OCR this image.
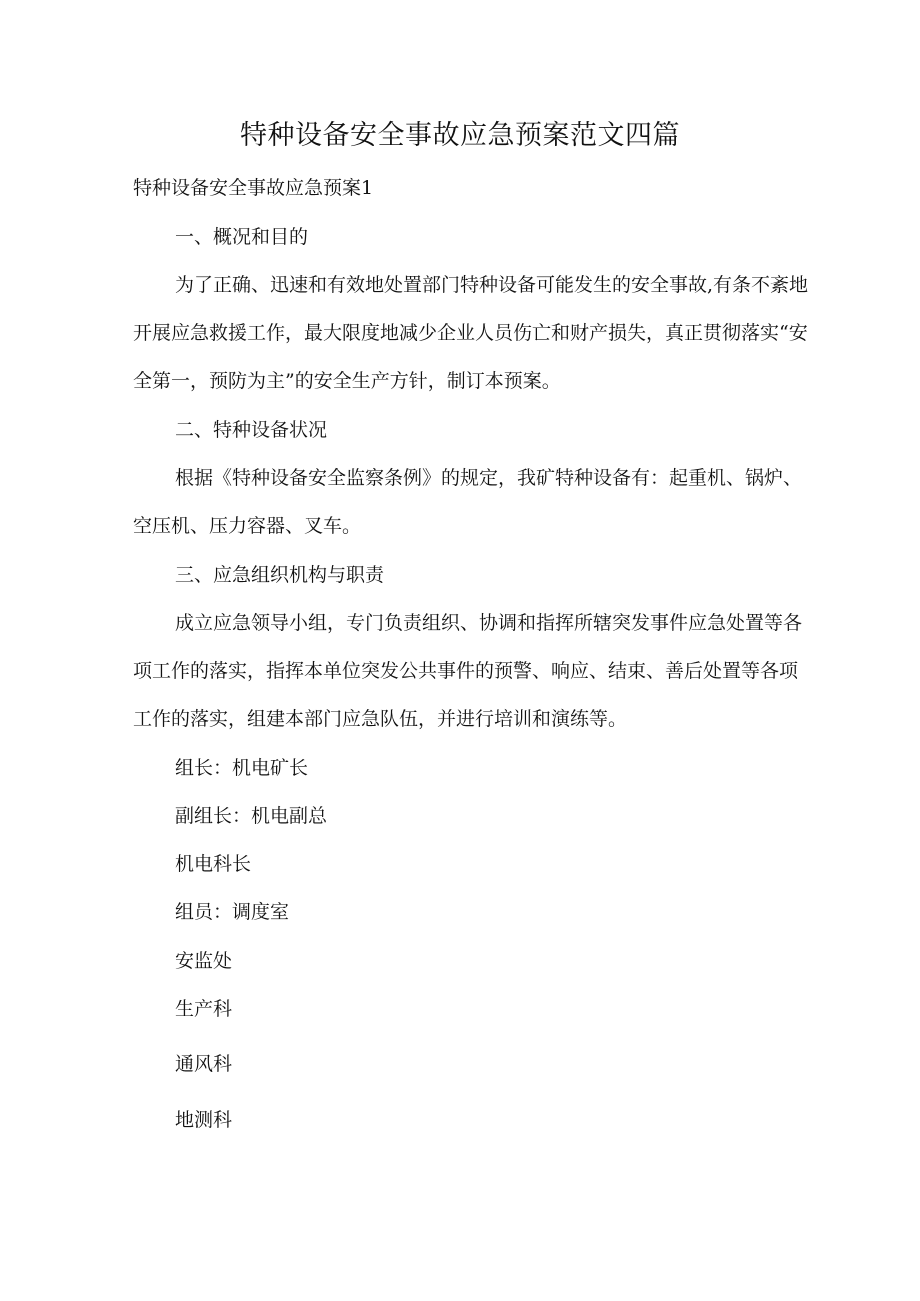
特种设备安全事故应急预案范文四篇
特种设备安全事故应急预案1
一、概况和目的
为了正确、迅速和有效地处置部门特种设备可能发生的安全事故,有条不紊地
开展应急救援工作，最大限度地减少企业人员伤亡和财产损失，真正贯彻落实“安
全第一，预防为主”的安全生产方针，制订本预案。
二、特种设备状况
根据《特种设备安全监察条例》的规定，我矿特种设备有：起重机、锅炉、
空压机、压力容器、叉车。
三、应急组织机构与职责
成立应急领导小组，专门负责组织、协调和指挥所辖突发事件应急处置等各
项工作的落实，指挥本单位突发公共事件的预警、响应、结束、善后处置等各项
工作的落实，组建本部门应急队伍，并进行培训和演练等。
组长：机电矿长
副组长：机电副总
机电科长
组员：调度室
安监处
生产科
通风科
地测科
